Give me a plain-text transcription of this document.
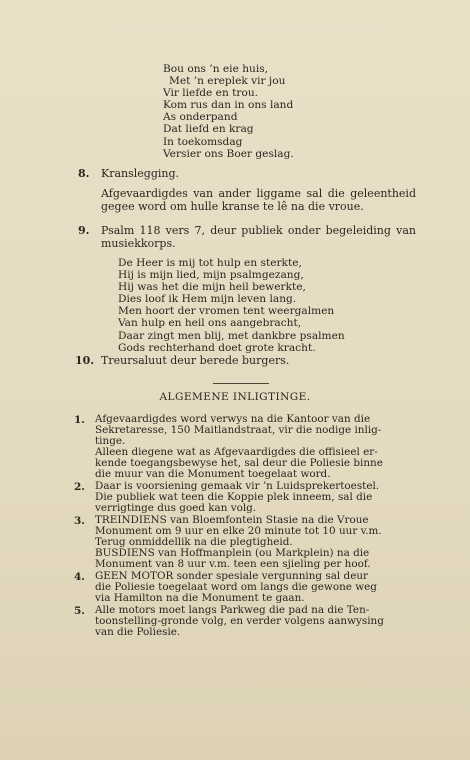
Bou ons ’n eie huis,
Met ’n ereplek vir jou
Vir liefde en trou.
Kom rus dan in ons land
As onderpand
Dat liefd en krag
In toekomsdag
Versier ons Boer geslag.
8. Kranslegging.
Afgevaardigdes van ander liggame sal die geleentheid gegee word om hulle kranse te lê na die vroue.
9. Psalm 118 vers 7, deur publiek onder begeleiding van musiekkorps.
De Heer is mij tot hulp en sterkte,
Hij is mijn lied, mijn psalmgezang,
Hij was het die mijn heil bewerkte,
Dies loof ik Hem mijn leven lang.
Men hoort der vromen tent weergalmen
Van hulp en heil ons aangebracht,
Daar zingt men blij, met dankbre psalmen
Gods rechterhand doet grote kracht.
10. Treursaluut deur berede burgers.
ALGEMENE INLIGTINGE.
1. Afgevaardigdes word verwys na die Kantoor van die
Sekretaresse, 150 Maitlandstraat, vir die nodige inlig-
tinge.
Alleen diegene wat as Afgevaardigdes die offisieel er-
kende toegangsbewyse het, sal deur die Poliesie binne
die muur van die Monument toegelaat word.
2. Daar is voorsiening gemaak vir ’n Luidsprekertoestel.
Die publiek wat teen die Koppie plek inneem, sal die
verrigtinge dus goed kan volg.
3. TREINDIENS van Bloemfontein Stasie na die Vroue
Monument om 9 uur en elke 20 minute tot 10 uur v.m.
Terug onmiddellik na die plegtigheid.
BUSDIENS van Hoffmanplein (ou Markplein) na die
Monument van 8 uur v.m. teen een sjieling per hoof.
4. GEEN MOTOR sonder spesiale vergunning sal deur
die Poliesie toegelaat word om langs die gewone weg
via Hamilton na die Monument te gaan.
5. Alle motors moet langs Parkweg die pad na die Ten-
toonstelling-gronde volg, en verder volgens aanwysing
van die Poliesie.
